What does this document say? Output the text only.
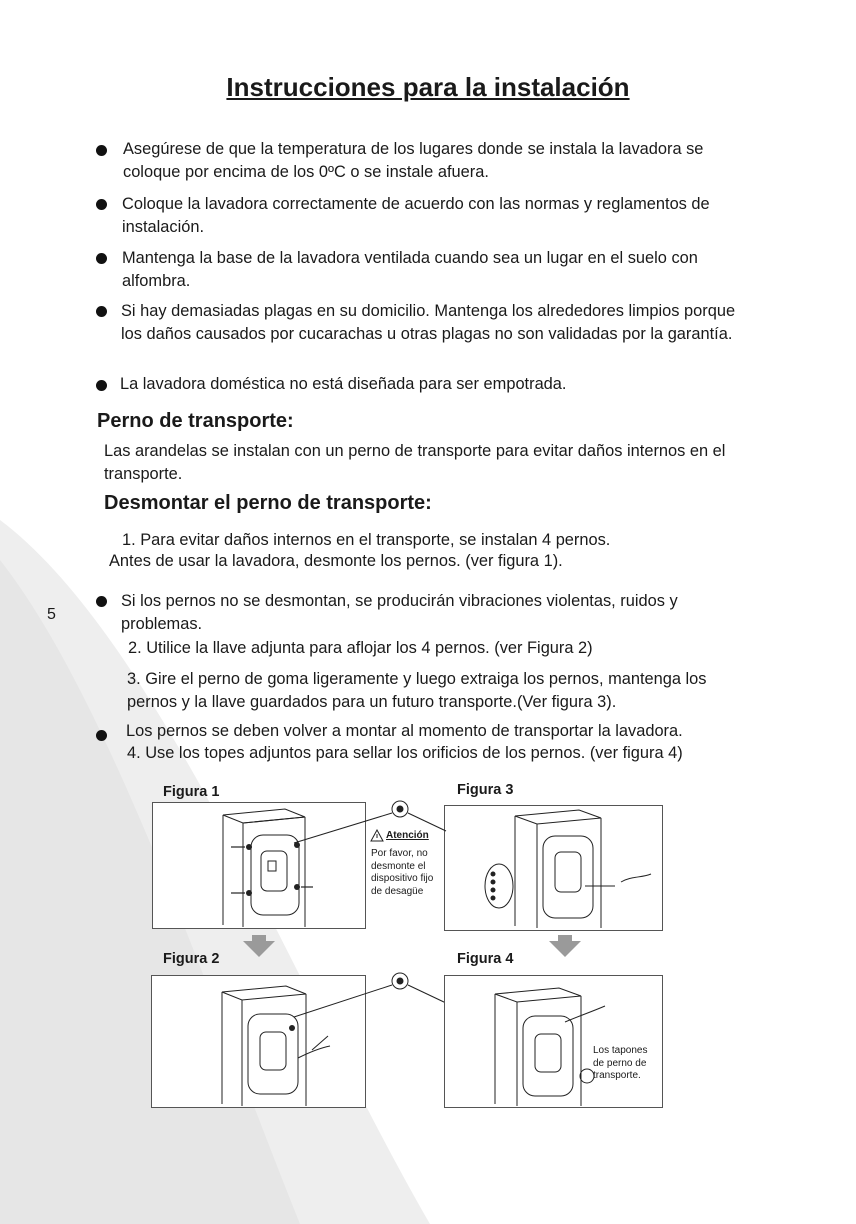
Instrucciones para la instalación
Asegúrese de que la temperatura de los lugares donde se instala la lavadora se
coloque por encima de los 0ºC o se instale afuera.
Coloque la lavadora correctamente de acuerdo con las normas y reglamentos de
instalación.
Mantenga la base de la lavadora ventilada cuando sea un lugar en el suelo con
alfombra.
Si hay demasiadas plagas en su domicilio. Mantenga los alrededores limpios porque
los daños causados por cucarachas u otras plagas no son validadas por la garantía.
La lavadora doméstica no está diseñada para ser empotrada.
Perno de transporte:
Las arandelas se instalan con un perno de transporte para evitar daños internos en el
transporte.
Desmontar el perno de transporte:
1. Para evitar daños internos en el transporte, se instalan 4 pernos.
Antes de usar la lavadora, desmonte los pernos. (ver figura 1).
5
Si los pernos no se desmontan, se producirán vibraciones violentas, ruidos y
problemas.
2. Utilice la llave adjunta para aflojar los 4 pernos. (ver Figura 2)
3. Gire el perno de goma ligeramente y luego extraiga los pernos, mantenga los
pernos y la llave guardados para un futuro transporte.(Ver figura 3).
Los pernos se deben volver a montar al momento de transportar la lavadora.
4. Use los topes adjuntos para sellar los orificios de los pernos. (ver figura 4)
Figura 1	Figura 3
Figura 2	Figura 4
Atención
Por favor, no
desmonte el
dispositivo fijo
de desagüe
Los tapones
de perno de
transporte.
